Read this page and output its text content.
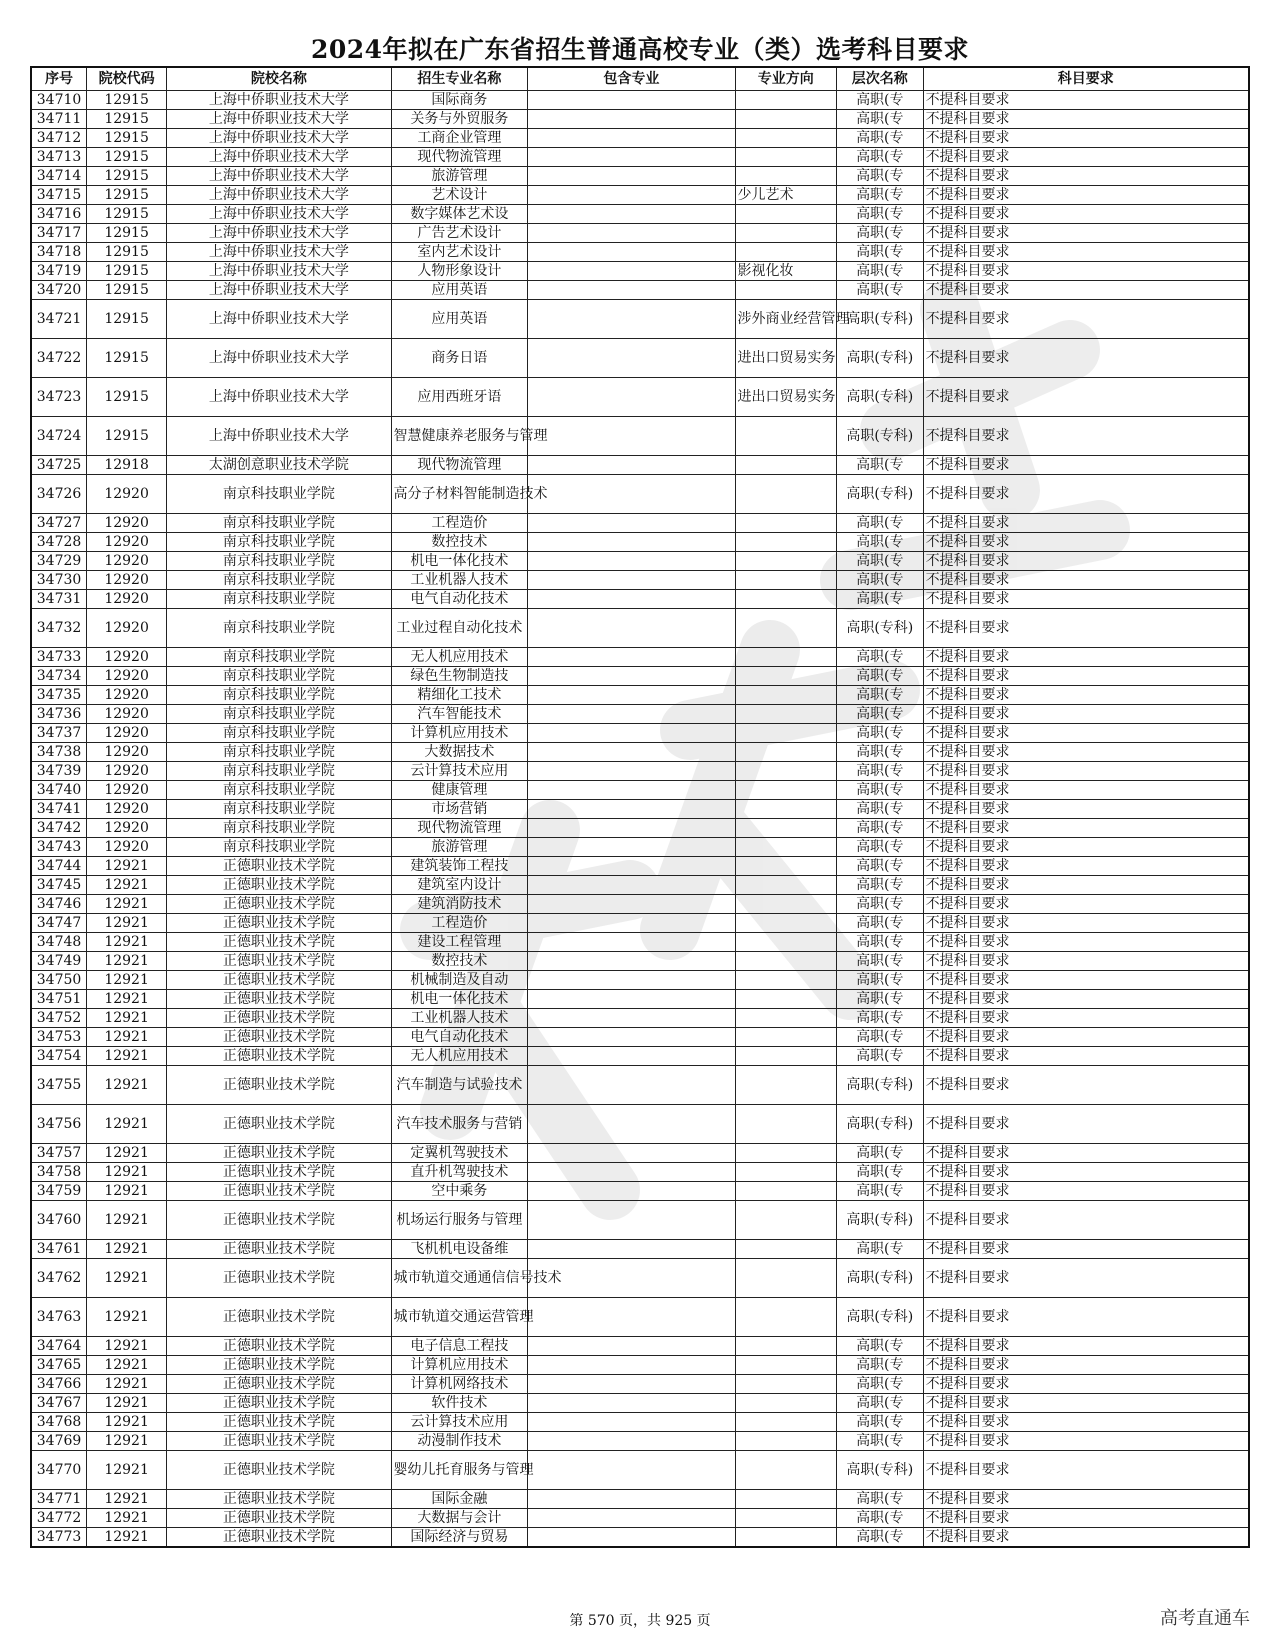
2024年拟在广东省招生普通高校专业（类）选考科目要求
序号	院校代码	院校名称	招生专业名称	包含专业	专业方向	层次名称	科目要求
34710	12915	上海中侨职业技术大学	国际商务			高职(专	不提科目要求
34711	12915	上海中侨职业技术大学	关务与外贸服务			高职(专	不提科目要求
34712	12915	上海中侨职业技术大学	工商企业管理			高职(专	不提科目要求
34713	12915	上海中侨职业技术大学	现代物流管理			高职(专	不提科目要求
34714	12915	上海中侨职业技术大学	旅游管理			高职(专	不提科目要求
34715	12915	上海中侨职业技术大学	艺术设计		少儿艺术	高职(专	不提科目要求
34716	12915	上海中侨职业技术大学	数字媒体艺术设			高职(专	不提科目要求
34717	12915	上海中侨职业技术大学	广告艺术设计			高职(专	不提科目要求
34718	12915	上海中侨职业技术大学	室内艺术设计			高职(专	不提科目要求
34719	12915	上海中侨职业技术大学	人物形象设计		影视化妆	高职(专	不提科目要求
34720	12915	上海中侨职业技术大学	应用英语			高职(专	不提科目要求
34721	12915	上海中侨职业技术大学	应用英语		涉外商业经营管理	高职(专科)	不提科目要求
34722	12915	上海中侨职业技术大学	商务日语		进出口贸易实务	高职(专科)	不提科目要求
34723	12915	上海中侨职业技术大学	应用西班牙语		进出口贸易实务	高职(专科)	不提科目要求
34724	12915	上海中侨职业技术大学	智慧健康养老服务与管理			高职(专科)	不提科目要求
34725	12918	太湖创意职业技术学院	现代物流管理			高职(专	不提科目要求
34726	12920	南京科技职业学院	高分子材料智能制造技术			高职(专科)	不提科目要求
34727	12920	南京科技职业学院	工程造价			高职(专	不提科目要求
34728	12920	南京科技职业学院	数控技术			高职(专	不提科目要求
34729	12920	南京科技职业学院	机电一体化技术			高职(专	不提科目要求
34730	12920	南京科技职业学院	工业机器人技术			高职(专	不提科目要求
34731	12920	南京科技职业学院	电气自动化技术			高职(专	不提科目要求
34732	12920	南京科技职业学院	工业过程自动化技术			高职(专科)	不提科目要求
34733	12920	南京科技职业学院	无人机应用技术			高职(专	不提科目要求
34734	12920	南京科技职业学院	绿色生物制造技			高职(专	不提科目要求
34735	12920	南京科技职业学院	精细化工技术			高职(专	不提科目要求
34736	12920	南京科技职业学院	汽车智能技术			高职(专	不提科目要求
34737	12920	南京科技职业学院	计算机应用技术			高职(专	不提科目要求
34738	12920	南京科技职业学院	大数据技术			高职(专	不提科目要求
34739	12920	南京科技职业学院	云计算技术应用			高职(专	不提科目要求
34740	12920	南京科技职业学院	健康管理			高职(专	不提科目要求
34741	12920	南京科技职业学院	市场营销			高职(专	不提科目要求
34742	12920	南京科技职业学院	现代物流管理			高职(专	不提科目要求
34743	12920	南京科技职业学院	旅游管理			高职(专	不提科目要求
34744	12921	正德职业技术学院	建筑装饰工程技			高职(专	不提科目要求
34745	12921	正德职业技术学院	建筑室内设计			高职(专	不提科目要求
34746	12921	正德职业技术学院	建筑消防技术			高职(专	不提科目要求
34747	12921	正德职业技术学院	工程造价			高职(专	不提科目要求
34748	12921	正德职业技术学院	建设工程管理			高职(专	不提科目要求
34749	12921	正德职业技术学院	数控技术			高职(专	不提科目要求
34750	12921	正德职业技术学院	机械制造及自动			高职(专	不提科目要求
34751	12921	正德职业技术学院	机电一体化技术			高职(专	不提科目要求
34752	12921	正德职业技术学院	工业机器人技术			高职(专	不提科目要求
34753	12921	正德职业技术学院	电气自动化技术			高职(专	不提科目要求
34754	12921	正德职业技术学院	无人机应用技术			高职(专	不提科目要求
34755	12921	正德职业技术学院	汽车制造与试验技术			高职(专科)	不提科目要求
34756	12921	正德职业技术学院	汽车技术服务与营销			高职(专科)	不提科目要求
34757	12921	正德职业技术学院	定翼机驾驶技术			高职(专	不提科目要求
34758	12921	正德职业技术学院	直升机驾驶技术			高职(专	不提科目要求
34759	12921	正德职业技术学院	空中乘务			高职(专	不提科目要求
34760	12921	正德职业技术学院	机场运行服务与管理			高职(专科)	不提科目要求
34761	12921	正德职业技术学院	飞机机电设备维			高职(专	不提科目要求
34762	12921	正德职业技术学院	城市轨道交通通信信号技术			高职(专科)	不提科目要求
34763	12921	正德职业技术学院	城市轨道交通运营管理			高职(专科)	不提科目要求
34764	12921	正德职业技术学院	电子信息工程技			高职(专	不提科目要求
34765	12921	正德职业技术学院	计算机应用技术			高职(专	不提科目要求
34766	12921	正德职业技术学院	计算机网络技术			高职(专	不提科目要求
34767	12921	正德职业技术学院	软件技术			高职(专	不提科目要求
34768	12921	正德职业技术学院	云计算技术应用			高职(专	不提科目要求
34769	12921	正德职业技术学院	动漫制作技术			高职(专	不提科目要求
34770	12921	正德职业技术学院	婴幼儿托育服务与管理			高职(专科)	不提科目要求
34771	12921	正德职业技术学院	国际金融			高职(专	不提科目要求
34772	12921	正德职业技术学院	大数据与会计			高职(专	不提科目要求
34773	12921	正德职业技术学院	国际经济与贸易			高职(专	不提科目要求
第 570 页，共 925 页	高考直通车
